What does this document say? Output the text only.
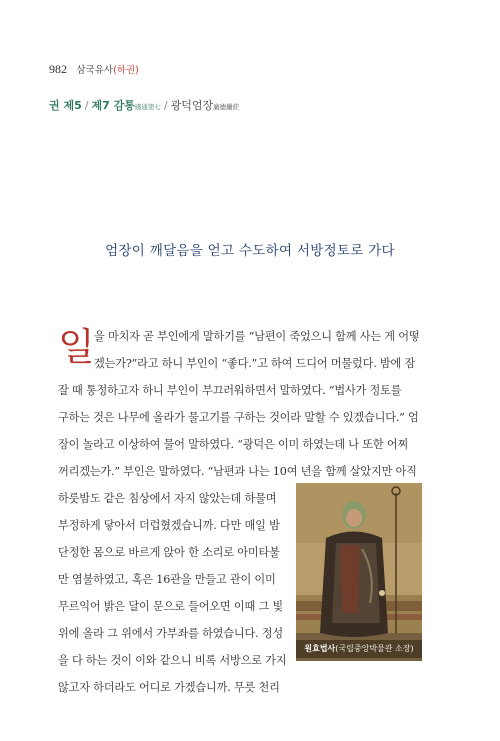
982 삼국유사(하권)
권 제5 / 제7 감통感通第七 / 광덕엄장廣德嚴莊
엄장이 깨달음을 얻고 수도하여 서방정토로 가다
일 을 마치자 곧 부인에게 말하기를 “남편이 죽었으니 함께 사는 게 어떻
겠는가?”라고 하니 부인이 “좋다.”고 하여 드디어 머물렀다. 밤에 잠
잘 때 통정하고자 하니 부인이 부끄러워하면서 말하였다. “법사가 정토를
구하는 것은 나무에 올라가 물고기를 구하는 것이라 말할 수 있겠습니다.” 엄
장이 놀라고 이상하여 물어 말하였다. “광덕은 이미 하였는데 나 또한 어찌
꺼리겠는가.” 부인은 말하였다. “남편과 나는 10여 년을 함께 살았지만 아직
하룻밤도 같은 침상에서 자지 않았는데 하물며
부정하게 닿아서 더럽혔겠습니까. 다만 매일 밤
단정한 몸으로 바르게 앉아 한 소리로 아미타불
만 염불하였고, 혹은 16관을 만들고 관이 이미
무르익어 밝은 달이 문으로 들어오면 이때 그 빛
위에 올라 그 위에서 가부좌를 하였습니다. 정성
을 다 하는 것이 이와 같으니 비록 서방으로 가지
않고자 하더라도 어디로 가겠습니까. 무릇 천리
원효법사(국립중앙박물관 소장)
